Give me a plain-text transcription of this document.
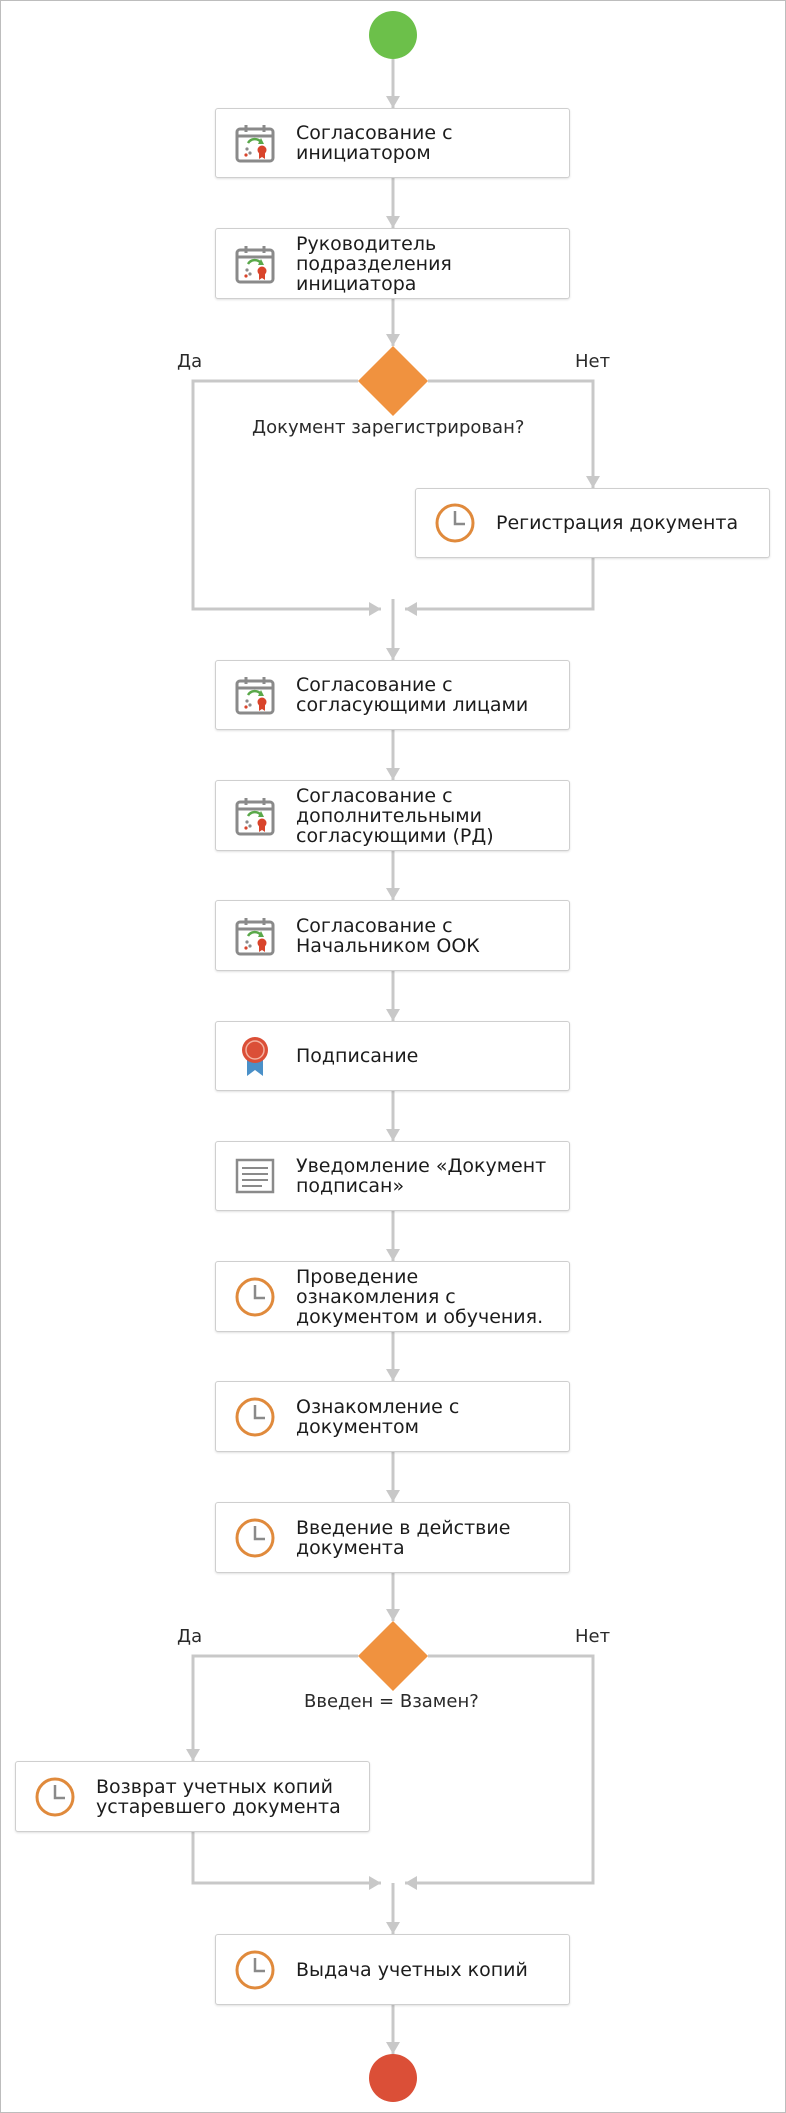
Да	Нет
Документ зарегистрирован?
Да	Нет
Введен = Взамен?
Согласование с
инициатором
Руководитель
подразделения
инициатора
Регистрация документа
Согласование с
согласующими лицами
Согласование с
дополнительными
согласующими (РД)
Согласование с
Начальником ООК
Подписание
Уведомление «Документ
подписан»
Проведение
ознакомления с
документом и обучения.
Ознакомление с
документом
Введение в действие
документа
Возврат учетных копий
устаревшего документа
Выдача учетных копий
